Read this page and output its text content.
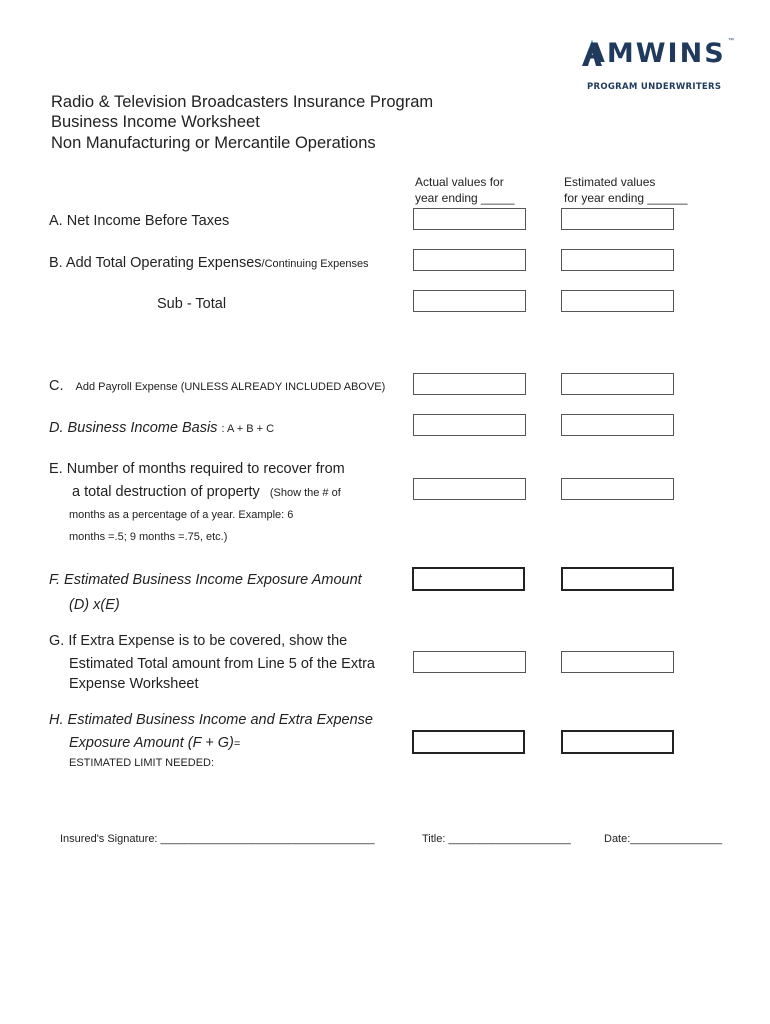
AMWINS ™
PROGRAM UNDERWRITERS
Radio & Television Broadcasters Insurance Program
Business Income Worksheet
Non Manufacturing or Mercantile Operations
Actual values for
year ending _____
Estimated values
for year ending ______
A. Net Income Before Taxes
B. Add Total Operating Expenses/Continuing Expenses
Sub - Total
C. Add Payroll Expense (UNLESS ALREADY INCLUDED ABOVE)
D. Business Income Basis : A + B + C
E. Number of months required to recover from
a total destruction of property (Show the # of
months as a percentage of a year. Example: 6
months =.5; 9 months =.75, etc.)
F. Estimated Business Income Exposure Amount
(D) x(E)
G. If Extra Expense is to be covered, show the
Estimated Total amount from Line 5 of the Extra
Expense Worksheet
H. Estimated Business Income and Extra Expense
Exposure Amount (F + G)=
ESTIMATED LIMIT NEEDED:
Insured's Signature: ___________________________________	Title: ____________________	Date:_______________
